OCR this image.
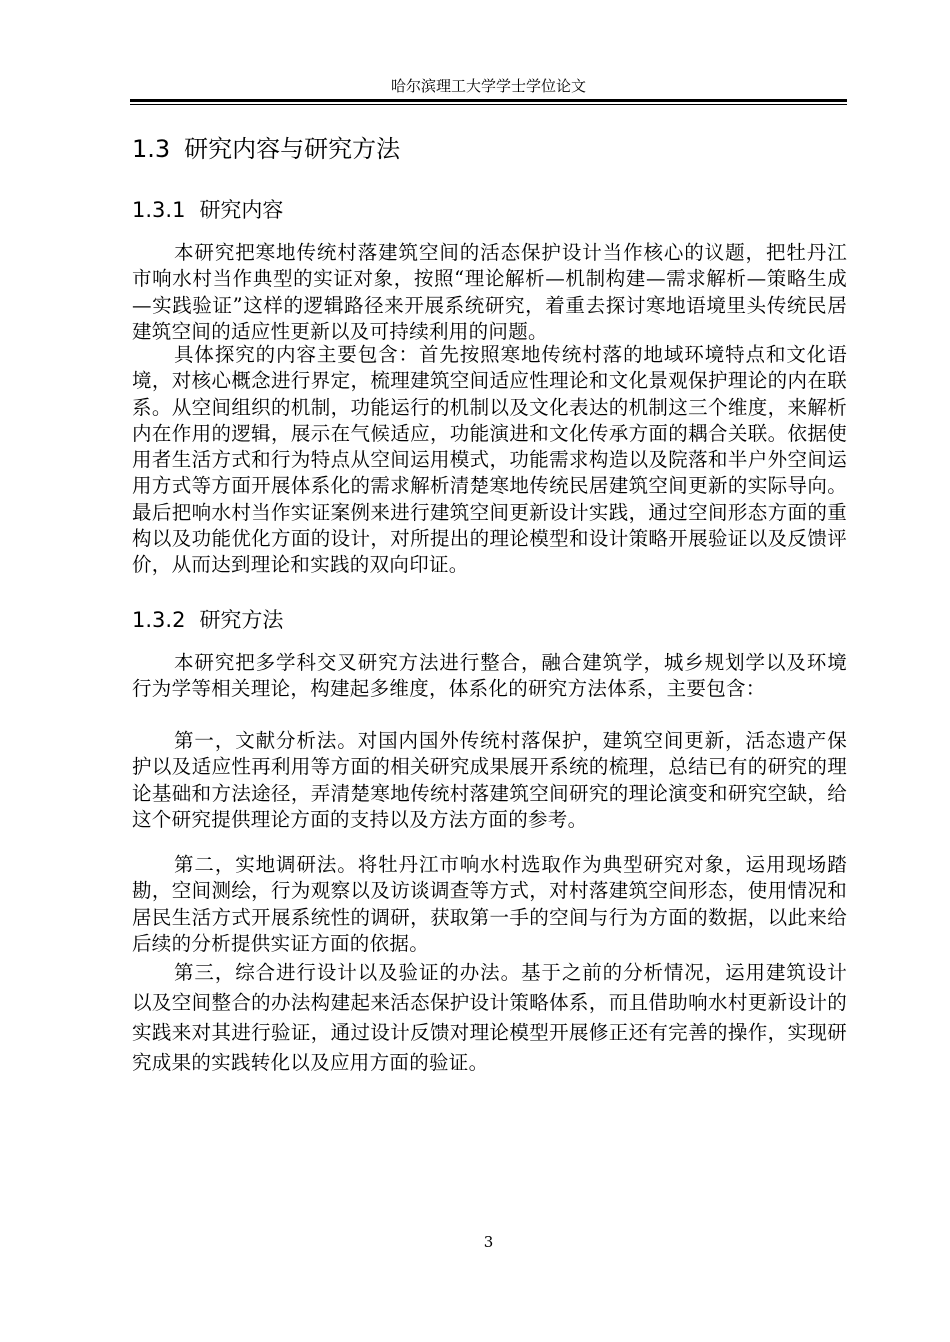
哈尔滨理工大学学士学位论文
1.3 研究内容与研究方法
1.3.1 研究内容

本研究把寒地传统村落建筑空间的活态保护设计当作核心的议题，把牡丹江市响水村当作典型的实证对象，按照“理论解析—机制构建—需求解析—策略生成—实践验证”这样的逻辑路径来开展系统研究，着重去探讨寒地语境里头传统民居建筑空间的适应性更新以及可持续利用的问题。

具体探究的内容主要包含：首先按照寒地传统村落的地域环境特点和文化语境，对核心概念进行界定，梳理建筑空间适应性理论和文化景观保护理论的内在联系。从空间组织的机制，功能运行的机制以及文化表达的机制这三个维度，来解析内在作用的逻辑，展示在气候适应，功能演进和文化传承方面的耦合关联。依据使用者生活方式和行为特点从空间运用模式，功能需求构造以及院落和半户外空间运用方式等方面开展体系化的需求解析清楚寒地传统民居建筑空间更新的实际导向。最后把响水村当作实证案例来进行建筑空间更新设计实践，通过空间形态方面的重构以及功能优化方面的设计，对所提出的理论模型和设计策略开展验证以及反馈评价，从而达到理论和实践的双向印证。

1.3.2 研究方法

本研究把多学科交叉研究方法进行整合，融合建筑学，城乡规划学以及环境行为学等相关理论，构建起多维度，体系化的研究方法体系，主要包含：

第一，文献分析法。对国内国外传统村落保护，建筑空间更新，活态遗产保护以及适应性再利用等方面的相关研究成果展开系统的梳理，总结已有的研究的理论基础和方法途径，弄清楚寒地传统村落建筑空间研究的理论演变和研究空缺，给这个研究提供理论方面的支持以及方法方面的参考。

第二，实地调研法。将牡丹江市响水村选取作为典型研究对象，运用现场踏勘，空间测绘，行为观察以及访谈调查等方式，对村落建筑空间形态，使用情况和居民生活方式开展系统性的调研，获取第一手的空间与行为方面的数据，以此来给后续的分析提供实证方面的依据。

第三，综合进行设计以及验证的办法。基于之前的分析情况，运用建筑设计以及空间整合的办法构建起来活态保护设计策略体系，而且借助响水村更新设计的实践来对其进行验证，通过设计反馈对理论模型开展修正还有完善的操作，实现研究成果的实践转化以及应用方面的验证。

3
